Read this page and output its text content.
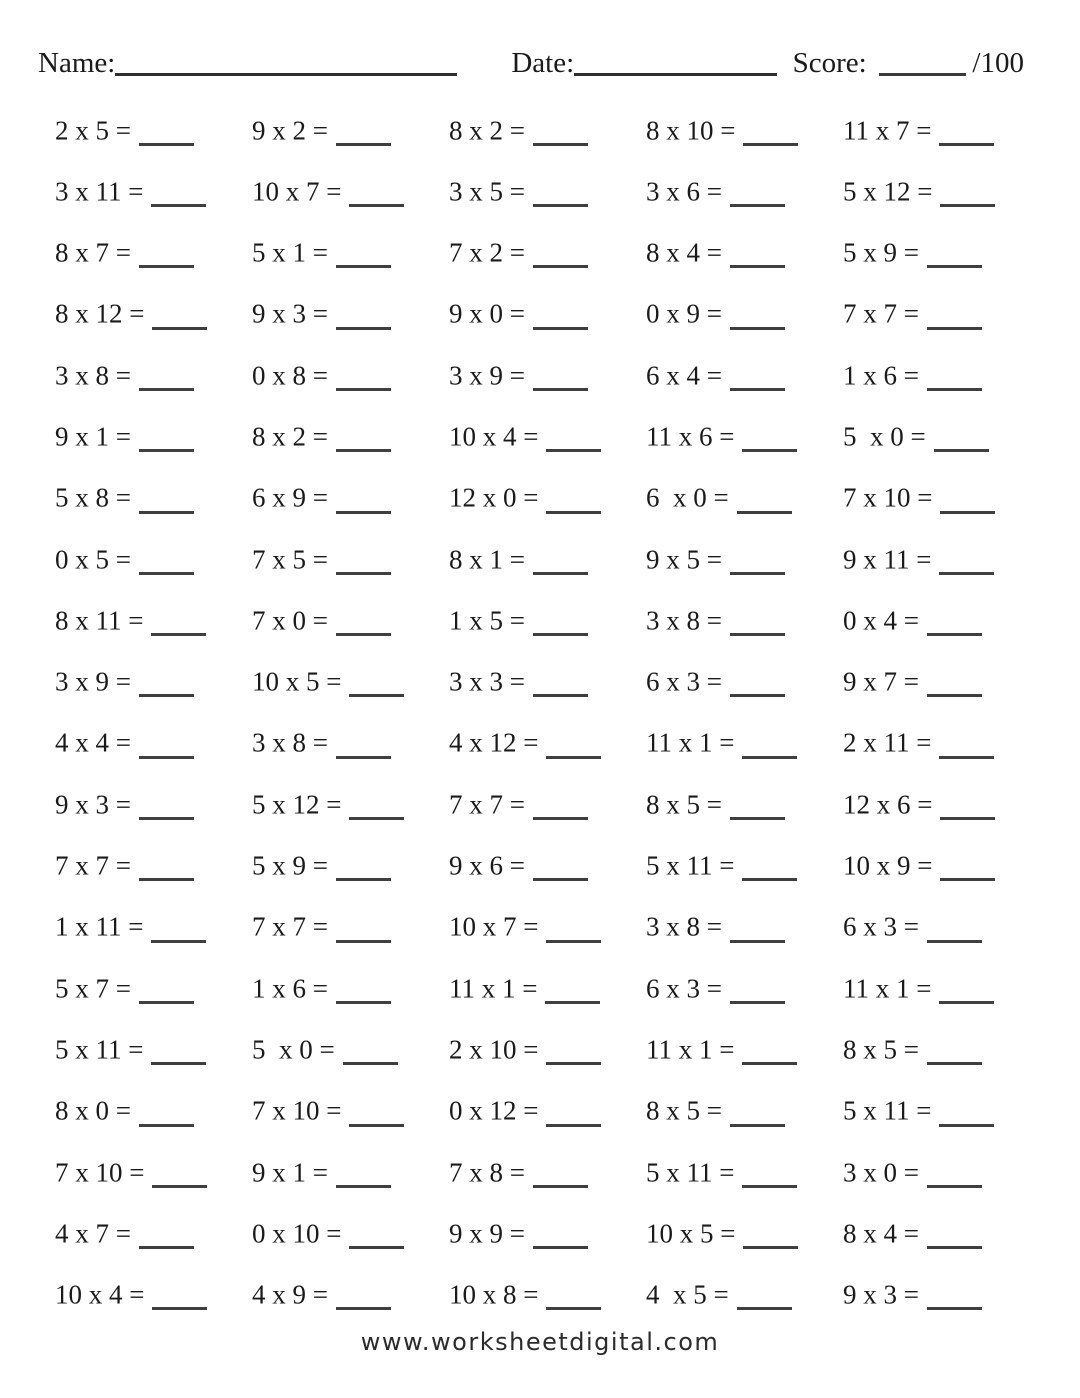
Name:	Date:	Score:	/100
2 x 5 =	9 x 2 =	8 x 2 =	8 x 10 =	11 x 7 =
3 x 11 =	10 x 7 =	3 x 5 =	3 x 6 =	5 x 12 =
8 x 7 =	5 x 1 =	7 x 2 =	8 x 4 =	5 x 9 =
8 x 12 =	9 x 3 =	9 x 0 =	0 x 9 =	7 x 7 =
3 x 8 =	0 x 8 =	3 x 9 =	6 x 4 =	1 x 6 =
9 x 1 =	8 x 2 =	10 x 4 =	11 x 6 =	5  x 0 =
5 x 8 =	6 x 9 =	12 x 0 =	6  x 0 =	7 x 10 =
0 x 5 =	7 x 5 =	8 x 1 =	9 x 5 =	9 x 11 =
8 x 11 =	7 x 0 =	1 x 5 =	3 x 8 =	0 x 4 =
3 x 9 =	10 x 5 =	3 x 3 =	6 x 3 =	9 x 7 =
4 x 4 =	3 x 8 =	4 x 12 =	11 x 1 =	2 x 11 =
9 x 3 =	5 x 12 =	7 x 7 =	8 x 5 =	12 x 6 =
7 x 7 =	5 x 9 =	9 x 6 =	5 x 11 =	10 x 9 =
1 x 11 =	7 x 7 =	10 x 7 =	3 x 8 =	6 x 3 =
5 x 7 =	1 x 6 =	11 x 1 =	6 x 3 =	11 x 1 =
5 x 11 =	5  x 0 =	2 x 10 =	11 x 1 =	8 x 5 =
8 x 0 =	7 x 10 =	0 x 12 =	8 x 5 =	5 x 11 =
7 x 10 =	9 x 1 =	7 x 8 =	5 x 11 =	3 x 0 =
4 x 7 =	0 x 10 =	9 x 9 =	10 x 5 =	8 x 4 =
10 x 4 =	4 x 9 =	10 x 8 =	4  x 5 =	9 x 3 =
www.worksheetdigital.com
